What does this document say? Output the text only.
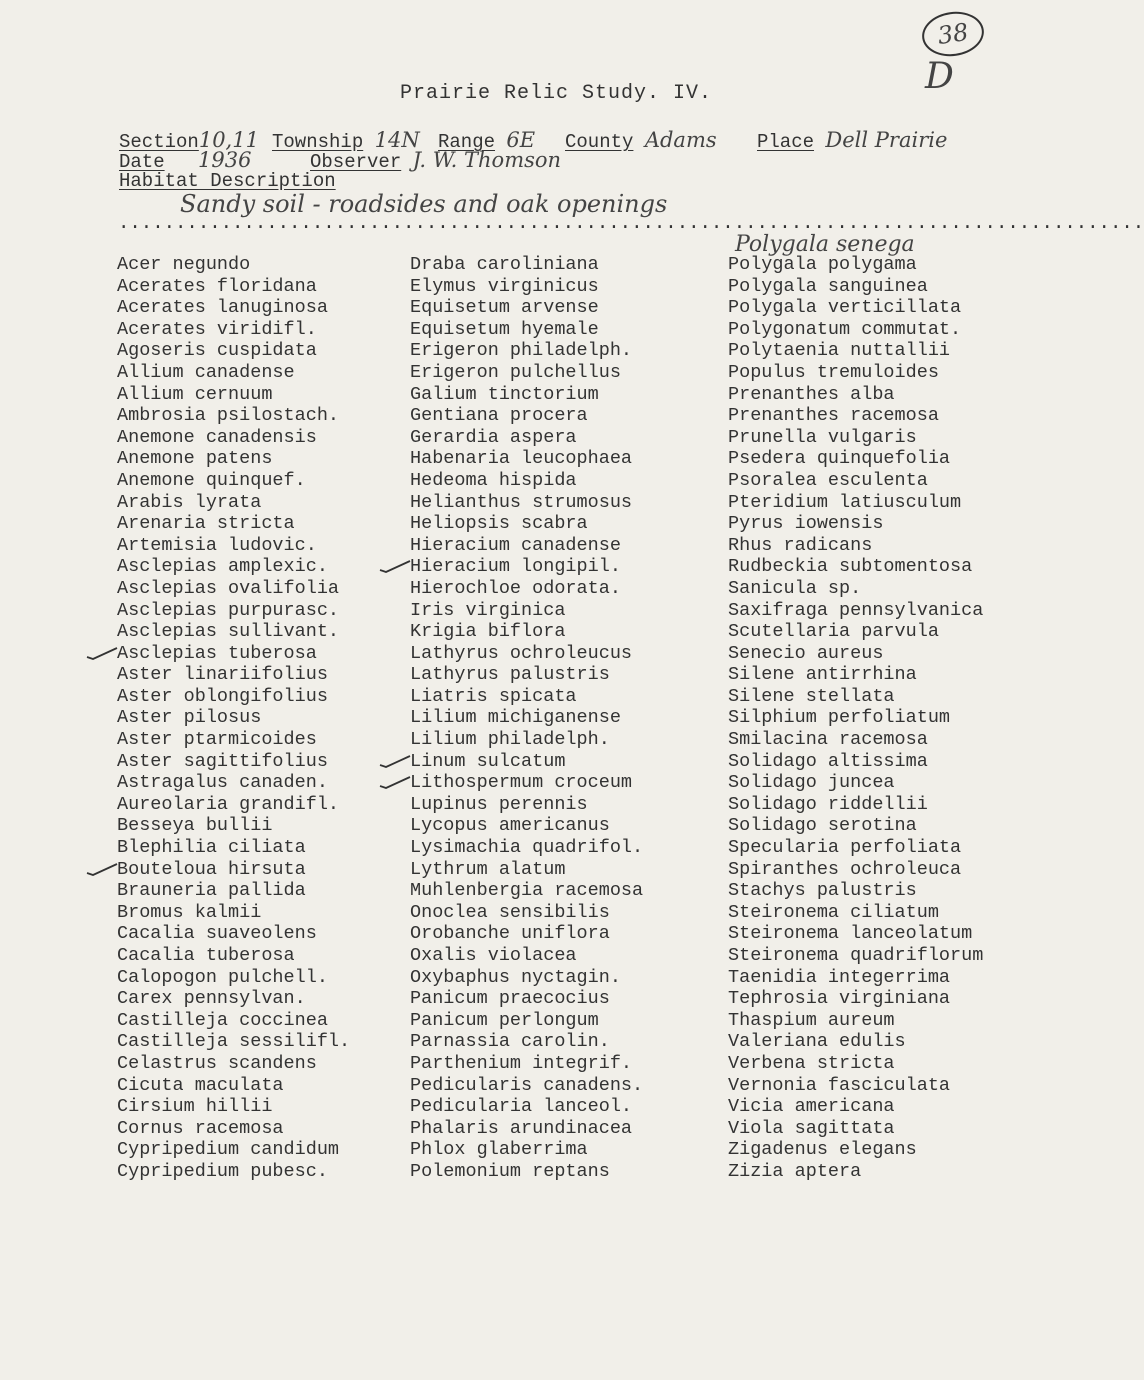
38
D
Prairie Relic Study. IV.
Section10,11 Township 14N Range 6E County Adams Place Dell Prairie
Date 1936	Observer J. W. Thomson
Habitat Description
Sandy soil - roadsides and oak openings
..........................................................................................
Polygala senega
Acer negundo
Acerates floridana
Acerates lanuginosa
Acerates viridifl.
Agoseris cuspidata
Allium canadense
Allium cernuum
Ambrosia psilostach.
Anemone canadensis
Anemone patens
Anemone quinquef.
Arabis lyrata
Arenaria stricta
Artemisia ludovic.
Asclepias amplexic.
Asclepias ovalifolia
Asclepias purpurasc.
Asclepias sullivant.
Asclepias tuberosa
Aster linariifolius
Aster oblongifolius
Aster pilosus
Aster ptarmicoides
Aster sagittifolius
Astragalus canaden.
Aureolaria grandifl.
Besseya bullii
Blephilia ciliata
Bouteloua hirsuta
Brauneria pallida
Bromus kalmii
Cacalia suaveolens
Cacalia tuberosa
Calopogon pulchell.
Carex pennsylvan.
Castilleja coccinea
Castilleja sessilifl.
Celastrus scandens
Cicuta maculata
Cirsium hillii
Cornus racemosa
Cypripedium candidum
Cypripedium pubesc.
Draba caroliniana
Elymus virginicus
Equisetum arvense
Equisetum hyemale
Erigeron philadelph.
Erigeron pulchellus
Galium tinctorium
Gentiana procera
Gerardia aspera
Habenaria leucophaea
Hedeoma hispida
Helianthus strumosus
Heliopsis scabra
Hieracium canadense
Hieracium longipil.
Hierochloe odorata.
Iris virginica
Krigia biflora
Lathyrus ochroleucus
Lathyrus palustris
Liatris spicata
Lilium michiganense
Lilium philadelph.
Linum sulcatum
Lithospermum croceum
Lupinus perennis
Lycopus americanus
Lysimachia quadrifol.
Lythrum alatum
Muhlenbergia racemosa
Onoclea sensibilis
Orobanche uniflora
Oxalis violacea
Oxybaphus nyctagin.
Panicum praecocius
Panicum perlongum
Parnassia carolin.
Parthenium integrif.
Pedicularis canadens.
Pedicularia lanceol.
Phalaris arundinacea
Phlox glaberrima
Polemonium reptans
Polygala polygama
Polygala sanguinea
Polygala verticillata
Polygonatum commutat.
Polytaenia nuttallii
Populus tremuloides
Prenanthes alba
Prenanthes racemosa
Prunella vulgaris
Psedera quinquefolia
Psoralea esculenta
Pteridium latiusculum
Pyrus iowensis
Rhus radicans
Rudbeckia subtomentosa
Sanicula sp.
Saxifraga pennsylvanica
Scutellaria parvula
Senecio aureus
Silene antirrhina
Silene stellata
Silphium perfoliatum
Smilacina racemosa
Solidago altissima
Solidago juncea
Solidago riddellii
Solidago serotina
Specularia perfoliata
Spiranthes ochroleuca
Stachys palustris
Steironema ciliatum
Steironema lanceolatum
Steironema quadriflorum
Taenidia integerrima
Tephrosia virginiana
Thaspium aureum
Valeriana edulis
Verbena stricta
Vernonia fasciculata
Vicia americana
Viola sagittata
Zigadenus elegans
Zizia aptera
